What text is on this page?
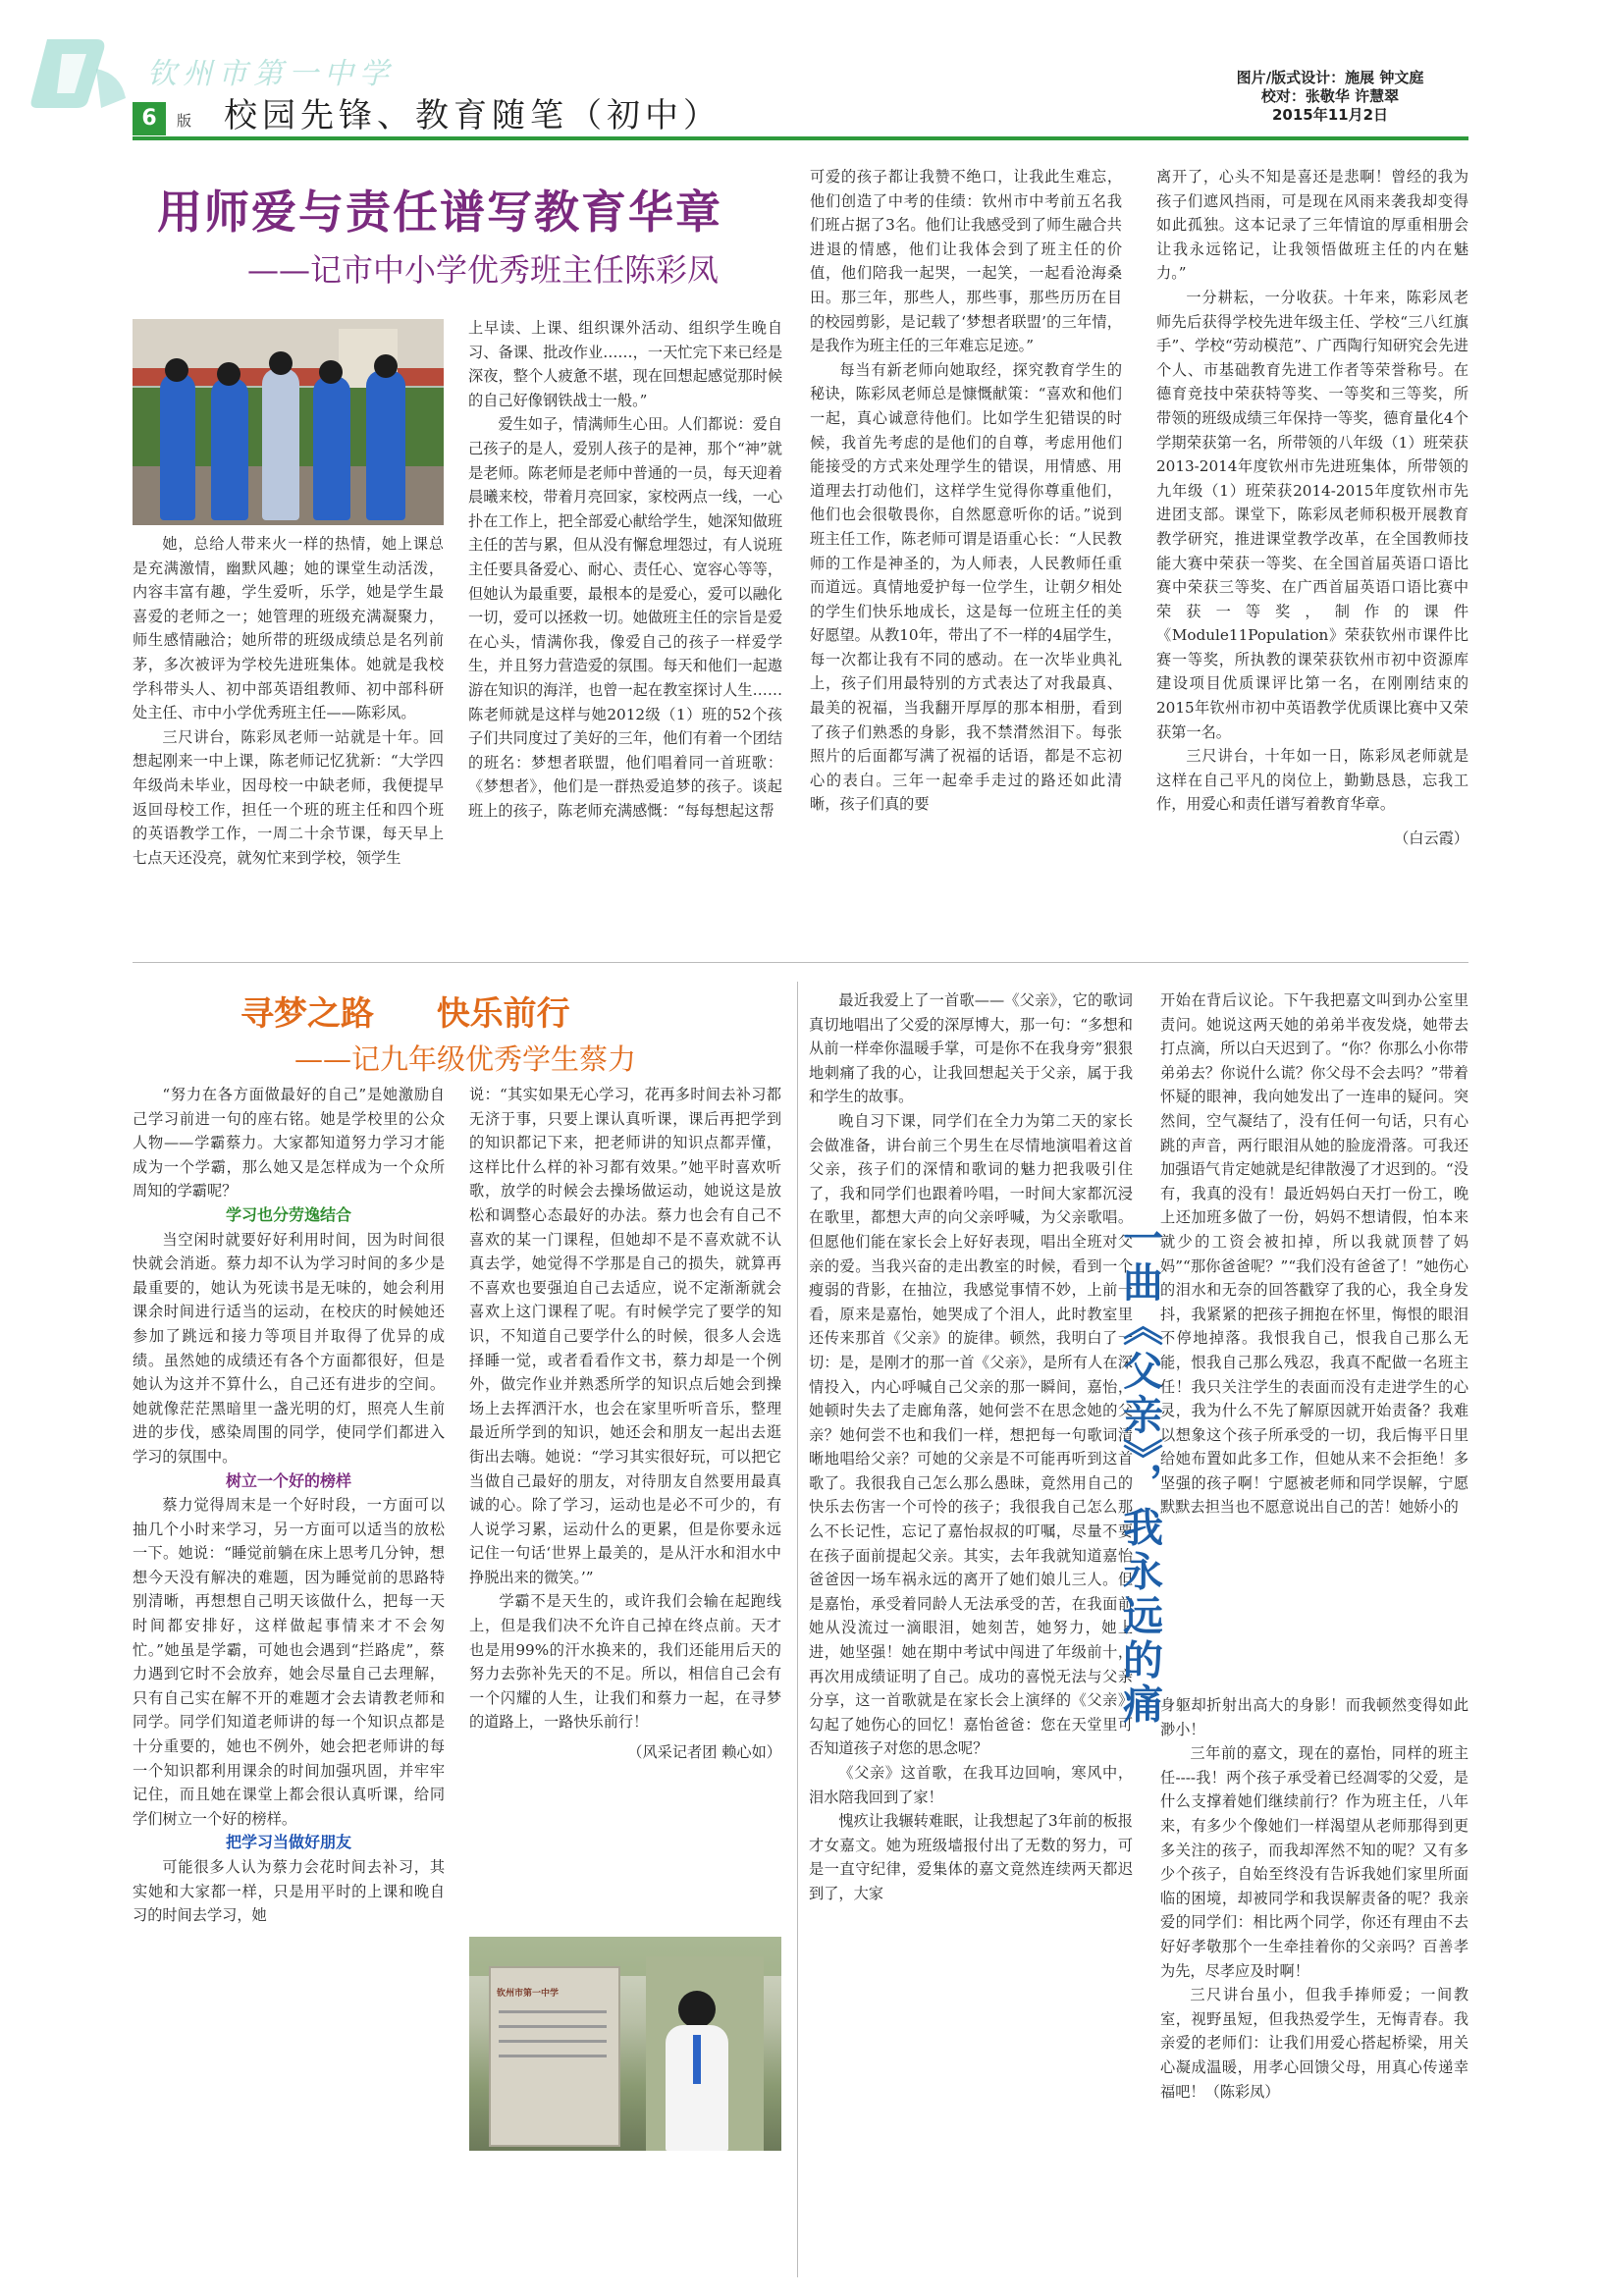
钦州市第一中学
6	版 校园先锋、教育随笔（初中）
图片/版式设计：施展 钟文庭
校对：张敬华 许慧翠
2015年11月2日
用师爱与责任谱写教育华章
——记市中小学优秀班主任陈彩凤

她，总给人带来火一样的热情，她上课总是充满激情，幽默风趣；她的课堂生动活泼，内容丰富有趣，学生爱听，乐学，她是学生最喜爱的老师之一；她管理的班级充满凝聚力，师生感情融洽；她所带的班级成绩总是名列前茅，多次被评为学校先进班集体。她就是我校学科带头人、初中部英语组教师、初中部科研处主任、市中小学优秀班主任——陈彩凤。

三尺讲台，陈彩凤老师一站就是十年。回想起刚来一中上课，陈老师记忆犹新：“大学四年级尚未毕业，因母校一中缺老师，我便提早返回母校工作，担任一个班的班主任和四个班的英语教学工作，一周二十余节课，每天早上七点天还没亮，就匆忙来到学校，领学生

上早读、上课、组织课外活动、组织学生晚自习、备课、批改作业……，一天忙完下来已经是深夜，整个人疲惫不堪，现在回想起感觉那时候的自己好像钢铁战士一般。”

爱生如子，情满师生心田。人们都说：爱自己孩子的是人，爱别人孩子的是神，那个“神”就是老师。陈老师是老师中普通的一员，每天迎着晨曦来校，带着月亮回家，家校两点一线，一心扑在工作上，把全部爱心献给学生，她深知做班主任的苦与累，但从没有懈怠埋怨过，有人说班主任要具备爱心、耐心、责任心、宽容心等等，但她认为最重要，最根本的是爱心，爱可以融化一切，爱可以拯救一切。她做班主任的宗旨是爱在心头，情满你我，像爱自己的孩子一样爱学生，并且努力营造爱的氛围。每天和他们一起遨游在知识的海洋，也曾一起在教室探讨人生……陈老师就是这样与她2012级（1）班的52个孩子们共同度过了美好的三年，他们有着一个团结的班名：梦想者联盟，他们唱着同一首班歌：《梦想者》，他们是一群热爱追梦的孩子。谈起班上的孩子，陈老师充满感慨：“每每想起这帮

可爱的孩子都让我赞不绝口，让我此生难忘，他们创造了中考的佳绩：钦州市中考前五名我们班占据了3名。他们让我感受到了师生融合共进退的情感，他们让我体会到了班主任的价值，他们陪我一起哭，一起笑，一起看沧海桑田。那三年，那些人，那些事，那些历历在目的校园剪影，是记载了‘梦想者联盟’的三年情，是我作为班主任的三年难忘足迹。”

每当有新老师向她取经，探究教育学生的秘诀，陈彩凤老师总是慷慨献策：“喜欢和他们一起，真心诚意待他们。比如学生犯错误的时候，我首先考虑的是他们的自尊，考虑用他们能接受的方式来处理学生的错误，用情感、用道理去打动他们，这样学生觉得你尊重他们，他们也会很敬畏你，自然愿意听你的话。”说到班主任工作，陈老师可谓是语重心长：“人民教师的工作是神圣的，为人师表，人民教师任重而道远。真情地爱护每一位学生，让朝夕相处的学生们快乐地成长，这是每一位班主任的美好愿望。从教10年，带出了不一样的4届学生，每一次都让我有不同的感动。在一次毕业典礼上，孩子们用最特别的方式表达了对我最真、最美的祝福，当我翻开厚厚的那本相册，看到了孩子们熟悉的身影，我不禁潸然泪下。每张照片的后面都写满了祝福的话语，都是不忘初心的表白。三年一起牵手走过的路还如此清晰，孩子们真的要

离开了，心头不知是喜还是悲啊！曾经的我为孩子们遮风挡雨，可是现在风雨来袭我却变得如此孤独。这本记录了三年情谊的厚重相册会让我永远铭记，让我领悟做班主任的内在魅力。”

一分耕耘，一分收获。十年来，陈彩凤老师先后获得学校先进年级主任、学校“三八红旗手”、学校“劳动模范”、广西陶行知研究会先进个人、市基础教育先进工作者等荣誉称号。在德育竞技中荣获特等奖、一等奖和三等奖，所带领的班级成绩三年保持一等奖，德育量化4个学期荣获第一名，所带领的八年级（1）班荣获2013-2014年度钦州市先进班集体，所带领的九年级（1）班荣获2014-2015年度钦州市先进团支部。课堂下，陈彩凤老师积极开展教育教学研究，推进课堂教学改革，在全国教师技能大赛中荣获一等奖、在全国首届英语口语比赛中荣获三等奖、在广西首届英语口语比赛中荣获一等奖，制作的课件《Module11Population》荣获钦州市课件比赛一等奖，所执教的课荣获钦州市初中资源库建设项目优质课评比第一名，在刚刚结束的2015年钦州市初中英语教学优质课比赛中又荣获第一名。

三尺讲台，十年如一日，陈彩凤老师就是这样在自己平凡的岗位上，勤勤恳恳，忘我工作，用爱心和责任谱写着教育华章。

（白云霞）

寻梦之路 快乐前行
——记九年级优秀学生蔡力

“努力在各方面做最好的自己”是她激励自己学习前进一句的座右铭。她是学校里的公众人物——学霸蔡力。大家都知道努力学习才能成为一个学霸，那么她又是怎样成为一个众所周知的学霸呢？

学习也分劳逸结合

当空闲时就要好好利用时间，因为时间很快就会消逝。蔡力却不认为学习时间的多少是最重要的，她认为死读书是无味的，她会利用课余时间进行适当的运动，在校庆的时候她还参加了跳远和接力等项目并取得了优异的成绩。虽然她的成绩还有各个方面都很好，但是她认为这并不算什么，自己还有进步的空间。她就像茫茫黑暗里一盏光明的灯，照亮人生前进的步伐，感染周围的同学，使同学们都进入学习的氛围中。

树立一个好的榜样

蔡力觉得周末是一个好时段，一方面可以抽几个小时来学习，另一方面可以适当的放松一下。她说：“睡觉前躺在床上思考几分钟，想想今天没有解决的难题，因为睡觉前的思路特别清晰，再想想自己明天该做什么，把每一天时间都安排好，这样做起事情来才不会匆忙。”她虽是学霸，可她也会遇到“拦路虎”，蔡力遇到它时不会放弃，她会尽量自己去理解，只有自己实在解不开的难题才会去请教老师和同学。同学们知道老师讲的每一个知识点都是十分重要的，她也不例外，她会把老师讲的每一个知识都利用课余的时间加强巩固，并牢牢记住，而且她在课堂上都会很认真听课，给同学们树立一个好的榜样。

把学习当做好朋友

可能很多人认为蔡力会花时间去补习，其实她和大家都一样，只是用平时的上课和晚自习的时间去学习，她

说：“其实如果无心学习，花再多时间去补习都无济于事，只要上课认真听课，课后再把学到的知识都记下来，把老师讲的知识点都弄懂，这样比什么样的补习都有效果。”她平时喜欢听歌，放学的时候会去操场做运动，她说这是放松和调整心态最好的办法。蔡力也会有自己不喜欢的某一门课程，但她却不是不喜欢就不认真去学，她觉得不学那是自己的损失，就算再不喜欢也要强迫自己去适应，说不定渐渐就会喜欢上这门课程了呢。有时候学完了要学的知识，不知道自己要学什么的时候，很多人会选择睡一觉，或者看看作文书，蔡力却是一个例外，做完作业并熟悉所学的知识点后她会到操场上去挥洒汗水，也会在家里听听音乐，整理最近所学到的知识，她还会和朋友一起出去逛街出去嗨。她说：“学习其实很好玩，可以把它当做自己最好的朋友，对待朋友自然要用最真诚的心。除了学习，运动也是必不可少的，有人说学习累，运动什么的更累，但是你要永远记住一句话‘世界上最美的，是从汗水和泪水中挣脱出来的微笑。’”

学霸不是天生的，或许我们会输在起跑线上，但是我们决不允许自己掉在终点前。天才也是用99%的汗水换来的，我们还能用后天的努力去弥补先天的不足。所以，相信自己会有一个闪耀的人生，让我们和蔡力一起，在寻梦的道路上，一路快乐前行！

（风采记者团 赖心如）

钦州市第一中学

最近我爱上了一首歌——《父亲》，它的歌词真切地唱出了父爱的深厚博大，那一句：“多想和从前一样牵你温暖手掌，可是你不在我身旁”狠狠地刺痛了我的心，让我回想起关于父亲，属于我和学生的故事。

晚自习下课，同学们在全力为第二天的家长会做准备，讲台前三个男生在尽情地演唱着这首父亲，孩子们的深情和歌词的魅力把我吸引住了，我和同学们也跟着吟唱，一时间大家都沉浸在歌里，都想大声的向父亲呼喊，为父亲歌唱。但愿他们能在家长会上好好表现，唱出全班对父亲的爱。当我兴奋的走出教室的时候，看到一个瘦弱的背影，在抽泣，我感觉事情不妙，上前一看，原来是嘉怡，她哭成了个泪人，此时教室里还传来那首《父亲》的旋律。顿然，我明白了一切：是，是刚才的那一首《父亲》，是所有人在深情投入，内心呼喊自己父亲的那一瞬间，嘉怡，她顿时失去了走廊角落，她何尝不在思念她的父亲？她何尝不也和我们一样，想把每一句歌词清晰地唱给父亲？可她的父亲是不可能再听到这首歌了。我很我自己怎么那么愚昧，竟然用自己的快乐去伤害一个可怜的孩子；我很我自己怎么那么不长记性，忘记了嘉怡叔叔的叮嘱，尽量不要在孩子面前提起父亲。其实，去年我就知道嘉怡爸爸因一场车祸永远的离开了她们娘儿三人。但是嘉怡，承受着同龄人无法承受的苦，在我面前她从没流过一滴眼泪，她刻苦，她努力，她上进，她坚强！她在期中考试中闯进了年级前十，再次用成绩证明了自己。成功的喜悦无法与父亲分享，这一首歌就是在家长会上演绎的《父亲》勾起了她伤心的回忆！嘉怡爸爸：您在天堂里可否知道孩子对您的思念呢？

《父亲》这首歌，在我耳边回响，寒风中，泪水陪我回到了家！

愧疚让我辗转难眠，让我想起了3年前的板报才女嘉文。她为班级墙报付出了无数的努力，可是一直守纪律，爱集体的嘉文竟然连续两天都迟到了，大家

一曲《父亲》，我永远的痛

开始在背后议论。下午我把嘉文叫到办公室里责问。她说这两天她的弟弟半夜发烧，她带去打点滴，所以白天迟到了。“你？你那么小你带弟弟去？你说什么谎？你父母不会去吗？”带着怀疑的眼神，我向她发出了一连串的疑问。突然间，空气凝结了，没有任何一句话，只有心跳的声音，两行眼泪从她的脸庞滑落。可我还加强语气肯定她就是纪律散漫了才迟到的。“没有，我真的没有！最近妈妈白天打一份工，晚上还加班多做了一份，妈妈不想请假，怕本来就少的工资会被扣掉，所以我就顶替了妈妈”“那你爸爸呢？”“我们没有爸爸了！”她伤心的泪水和无奈的回答戳穿了我的心，我全身发抖，我紧紧的把孩子拥抱在怀里，悔恨的眼泪不停地掉落。我恨我自己，恨我自己那么无能，恨我自己那么残忍，我真不配做一名班主任！我只关注学生的表面而没有走进学生的心灵，我为什么不先了解原因就开始责备？我难以想象这个孩子所承受的一切，我后悔平日里给她布置如此多工作，但她从来不会拒绝！多坚强的孩子啊！宁愿被老师和同学误解，宁愿默默去担当也不愿意说出自己的苦！她娇小的

身躯却折射出高大的身影！而我顿然变得如此渺小！

三年前的嘉文，现在的嘉怡，同样的班主任----我！两个孩子承受着已经凋零的父爱，是什么支撑着她们继续前行？作为班主任，八年来，有多少个像她们一样渴望从老师那得到更多关注的孩子，而我却浑然不知的呢？又有多少个孩子，自始至终没有告诉我她们家里所面临的困境，却被同学和我误解责备的呢？我亲爱的同学们：相比两个同学，你还有理由不去好好孝敬那个一生牵挂着你的父亲吗？百善孝为先，尽孝应及时啊！

三尺讲台虽小，但我手捧师爱；一间教室，视野虽短，但我热爱学生，无悔青春。我亲爱的老师们：让我们用爱心搭起桥梁，用关心凝成温暖，用孝心回馈父母，用真心传递幸福吧！（陈彩凤）
